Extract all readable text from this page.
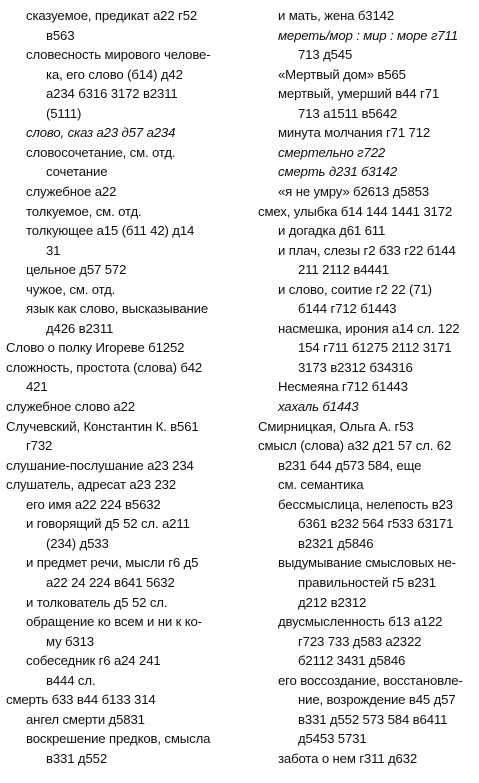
сказуемое, предикат а22 г52
в563
словесность мирового челове-
ка, его слово (б14) д42
а234 б316 3172 в2311
(5111)
слово, сказ а23 д57 а234
словосочетание, см. отд.
сочетание
служебное а22
толкуемое, см. отд.
толкующее а15 (б11 42) д14
31
цельное д57 572
чужое, см. отд.
язык как слово, высказывание
д426 в2311
Слово о полку Игореве б1252
сложность, простота (слова) б42
421
служебное слово а22
Случевский, Константин К. в561
г732
слушание-послушание а23 234
слушатель, адресат а23 232
его имя а22 224 в5632
и говорящий д5 52 сл. а211
(234) д533
и предмет речи, мысли г6 д5
а22 24 224 в641 5632
и толкователь д5 52 сл.
обращение ко всем и ни к ко-
му б313
собеседник г6 а24 241
в444 сл.
смерть б33 в44 б133 314
ангел смерти д5831
воскрешение предков, смысла
в331 д552
и мать, жена б3142
мереть/мор : мир : море г711
713 д545
«Мертвый дом» в565
мертвый, умерший в44 г71
713 а1511 в5642
минута молчания г71 712
смертельно г722
смерть д231 б3142
«я не умру» б2613 д5853
смех, улыбка б14 144 1441 3172
и догадка д61 611
и плач, слезы г2 б33 г22 б144
211 2112 в4441
и слово, соитие г2 22 (71)
б144 г712 б1443
насмешка, ирония а14 сл. 122
154 г711 б1275 2112 3171
3173 в2312 б34316
Несмеяна г712 б1443
хахаль б1443
Смирницкая, Ольга А. г53
смысл (слова) а32 д21 57 сл. 62
в231 б44 д573 584, еще
см. семантика
бессмыслица, нелепость в23
б361 в232 564 г533 б3171
в2321 д5846
выдумывание смысловых не-
правильностей г5 в231
д212 в2312
двусмысленность б13 а122
г723 733 д583 а2322
б2112 3431 д5846
его воссоздание, восстановле-
ние, возрождение в45 д57
в331 д552 573 584 в6411
д5453 5731
забота о нем г311 д632
